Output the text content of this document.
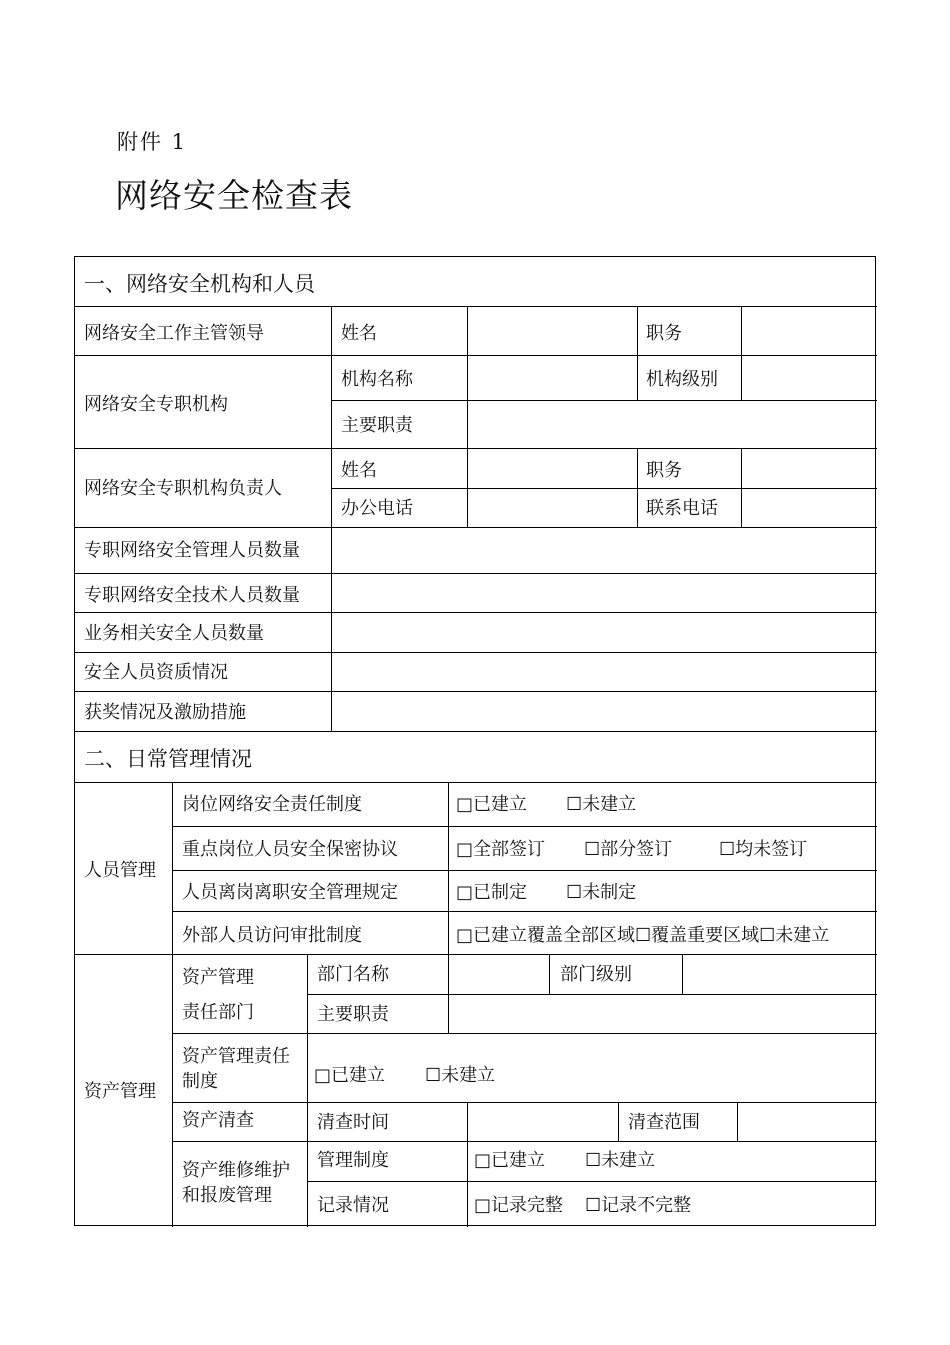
附件 1
网络安全检查表
一、网络安全机构和人员
网络安全工作主管领导	姓名	职务
网络安全专职机构
机构名称	机构级别
主要职责
网络安全专职机构负责人
姓名	职务
办公电话	联系电话
专职网络安全管理人员数量
专职网络安全技术人员数量
业务相关安全人员数量
安全人员资质情况
获奖情况及激励措施
二、日常管理情况
人员管理
岗位网络安全责任制度	□已建立 ☐未建立
重点岗位人员安全保密协议	□全部签订 ☐部分签订	☐均未签订
人员离岗离职安全管理规定	□已制定 ☐未制定
外部人员访问审批制度	□已建立覆盖全部区域☐覆盖重要区域☐未建立
资产管理
资产管理
责任部门
部门名称	部门级别
主要职责
资产管理责任制度	□已建立 ☐未建立
资产清查	清查时间	清查范围
资产维修维护和报废管理
管理制度	□已建立 ☐未建立
记录情况	□记录完整 ☐记录不完整
